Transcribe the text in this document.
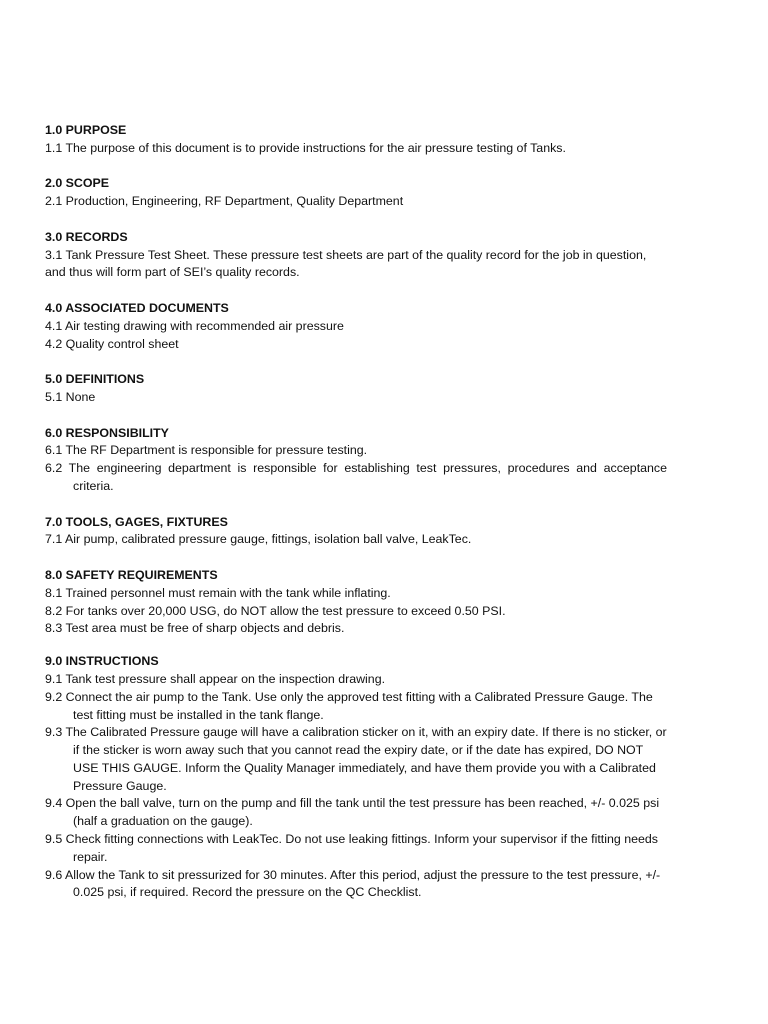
1.0 PURPOSE
1.1 The purpose of this document is to provide instructions for the air pressure testing of Tanks.
2.0 SCOPE
2.1 Production, Engineering, RF Department, Quality Department
3.0 RECORDS
3.1 Tank Pressure Test Sheet. These pressure test sheets are part of the quality record for the job in question, and thus will form part of SEI’s quality records.
4.0 ASSOCIATED DOCUMENTS
4.1 Air testing drawing with recommended air pressure
4.2 Quality control sheet
5.0 DEFINITIONS
5.1 None
6.0 RESPONSIBILITY
6.1 The RF Department is responsible for pressure testing.
6.2 The engineering department is responsible for establishing test pressures, procedures and acceptance criteria.
7.0 TOOLS, GAGES, FIXTURES
7.1 Air pump, calibrated pressure gauge, fittings, isolation ball valve, LeakTec.
8.0 SAFETY REQUIREMENTS
8.1 Trained personnel must remain with the tank while inflating.
8.2 For tanks over 20,000 USG, do NOT allow the test pressure to exceed 0.50 PSI.
8.3 Test area must be free of sharp objects and debris.
9.0 INSTRUCTIONS
9.1 Tank test pressure shall appear on the inspection drawing.
9.2 Connect the air pump to the Tank. Use only the approved test fitting with a Calibrated Pressure Gauge. The test fitting must be installed in the tank flange.
9.3 The Calibrated Pressure gauge will have a calibration sticker on it, with an expiry date. If there is no sticker, or if the sticker is worn away such that you cannot read the expiry date, or if the date has expired, DO NOT USE THIS GAUGE. Inform the Quality Manager immediately, and have them provide you with a Calibrated Pressure Gauge.
9.4 Open the ball valve, turn on the pump and fill the tank until the test pressure has been reached, +/- 0.025 psi (half a graduation on the gauge).
9.5 Check fitting connections with LeakTec. Do not use leaking fittings. Inform your supervisor if the fitting needs repair.
9.6 Allow the Tank to sit pressurized for 30 minutes. After this period, adjust the pressure to the test pressure, +/- 0.025 psi, if required. Record the pressure on the QC Checklist.
